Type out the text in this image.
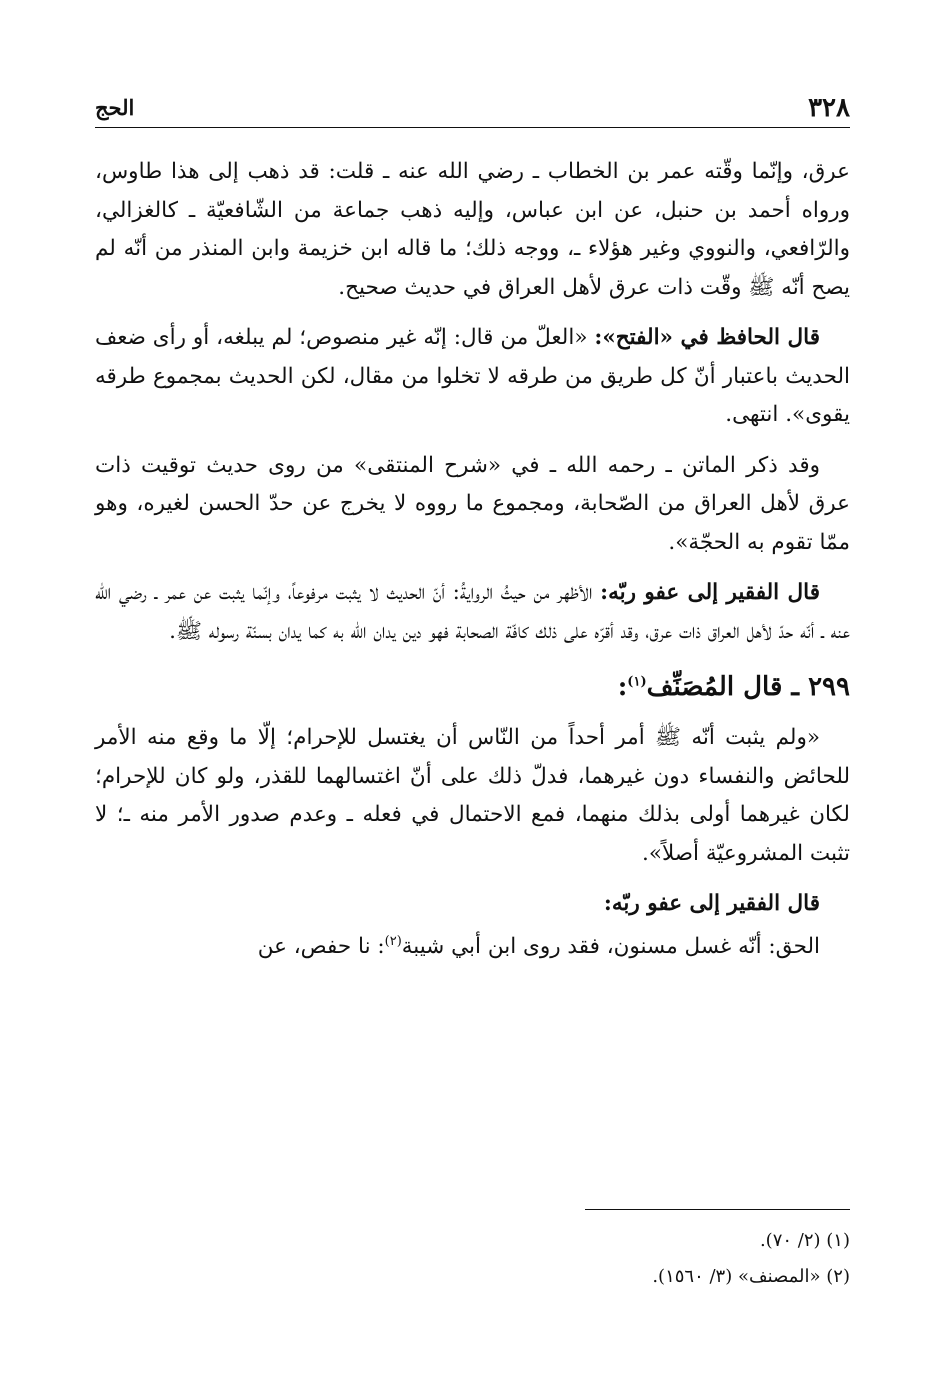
٣٢٨
الحج

عرق، وإنّما وقّته عمر بن الخطاب ـ رضي الله عنه ـ قلت: قد ذهب إلى هذا طاوس، ورواه أحمد بن حنبل، عن ابن عباس، وإليه ذهب جماعة من الشّافعيّة ـ كالغزالي، والرّافعي، والنووي وغير هؤلاء ـ، ووجه ذلك؛ ما قاله ابن خزيمة وابن المنذر من أنّه لم يصح أنّه ﷺ وقّت ذات عرق لأهل العراق في حديث صحيح.

قال الحافظ في «الفتح»: «العلّ من قال: إنّه غير منصوص؛ لم يبلغه، أو رأى ضعف الحديث باعتبار أنّ كل طريق من طرقه لا تخلوا من مقال، لكن الحديث بمجموع طرقه يقوى». انتهى.

وقد ذكر الماتن ـ رحمه الله ـ في «شرح المنتقى» من روى حديث توقيت ذات عرق لأهل العراق من الصّحابة، ومجموع ما رووه لا يخرج عن حدّ الحسن لغيره، وهو ممّا تقوم به الحجّة».

قال الفقير إلى عفو ربّه: الأظهر من حيثُ الروايةُ: أنّ الحديث لا يثبت مرفوعاً، وإنّما يثبت عن عمر ـ رضي الله عنه ـ أنّه حدّ لأهل العراق ذات عرق، وقد أقرّه على ذلك كافّة الصحابة فهو دين يدان الله به كما يدان بسنّة رسوله ﷺ.

٢٩٩ ـ قال المُصَنِّف$^{(١)}$:

«ولم يثبت أنّه ﷺ أمر أحداً من النّاس أن يغتسل للإحرام؛ إلّا ما وقع منه الأمر للحائض والنفساء دون غيرهما، فدلّ ذلك على أنّ اغتسالهما للقذر، ولو كان للإحرام؛ لكان غيرهما أولى بذلك منهما، فمع الاحتمال في فعله ـ وعدم صدور الأمر منه ـ؛ لا تثبت المشروعيّة أصلاً».

قال الفقير إلى عفو ربّه:

الحق: أنّه غسل مسنون، فقد روى ابن أبي شيبة$^{(٢)}$: نا حفص، عن

(١) (٢/ ٧٠).
(٢) «المصنف» (٣/ ١٥٦٠).
